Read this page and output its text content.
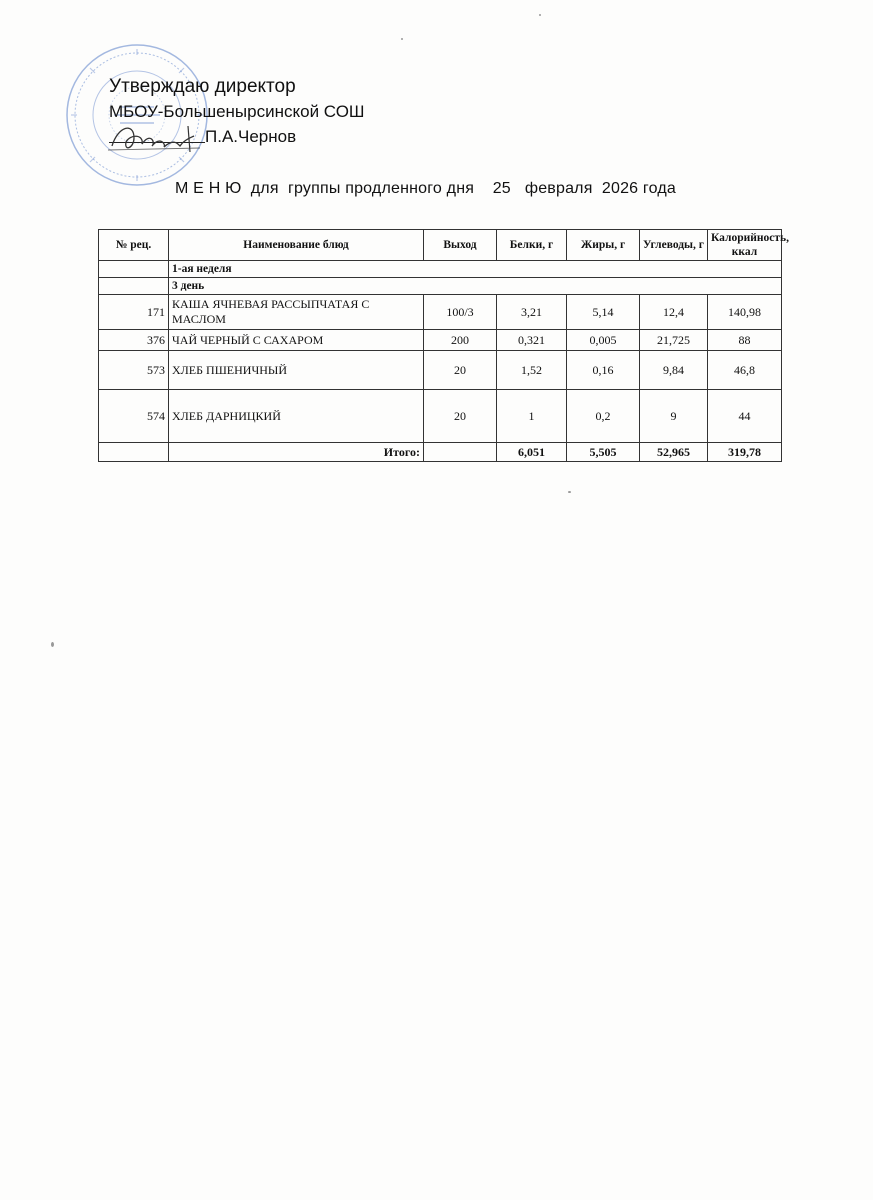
Утверждаю директор
МБОУ-Большенырсинской СОШ
П.А.Чернов
М Е Н Ю  для  группы продленного дня    25   февраля  2026 года
№ рец.	Наименование блюд	Выход	Белки, г	Жиры, г	Углеводы, г	Калорийность, ккал
	1-ая неделя					
	3 день					
171	КАША ЯЧНЕВАЯ РАССЫПЧАТАЯ С МАСЛОМ	100/3	3,21	5,14	12,4	140,98
376	ЧАЙ ЧЕРНЫЙ С САХАРОМ	200	0,321	0,005	21,725	88
573	ХЛЕБ ПШЕНИЧНЫЙ	20	1,52	0,16	9,84	46,8
574	ХЛЕБ ДАРНИЦКИЙ	20	1	0,2	9	44
	Итого:		6,051	5,505	52,965	319,78
